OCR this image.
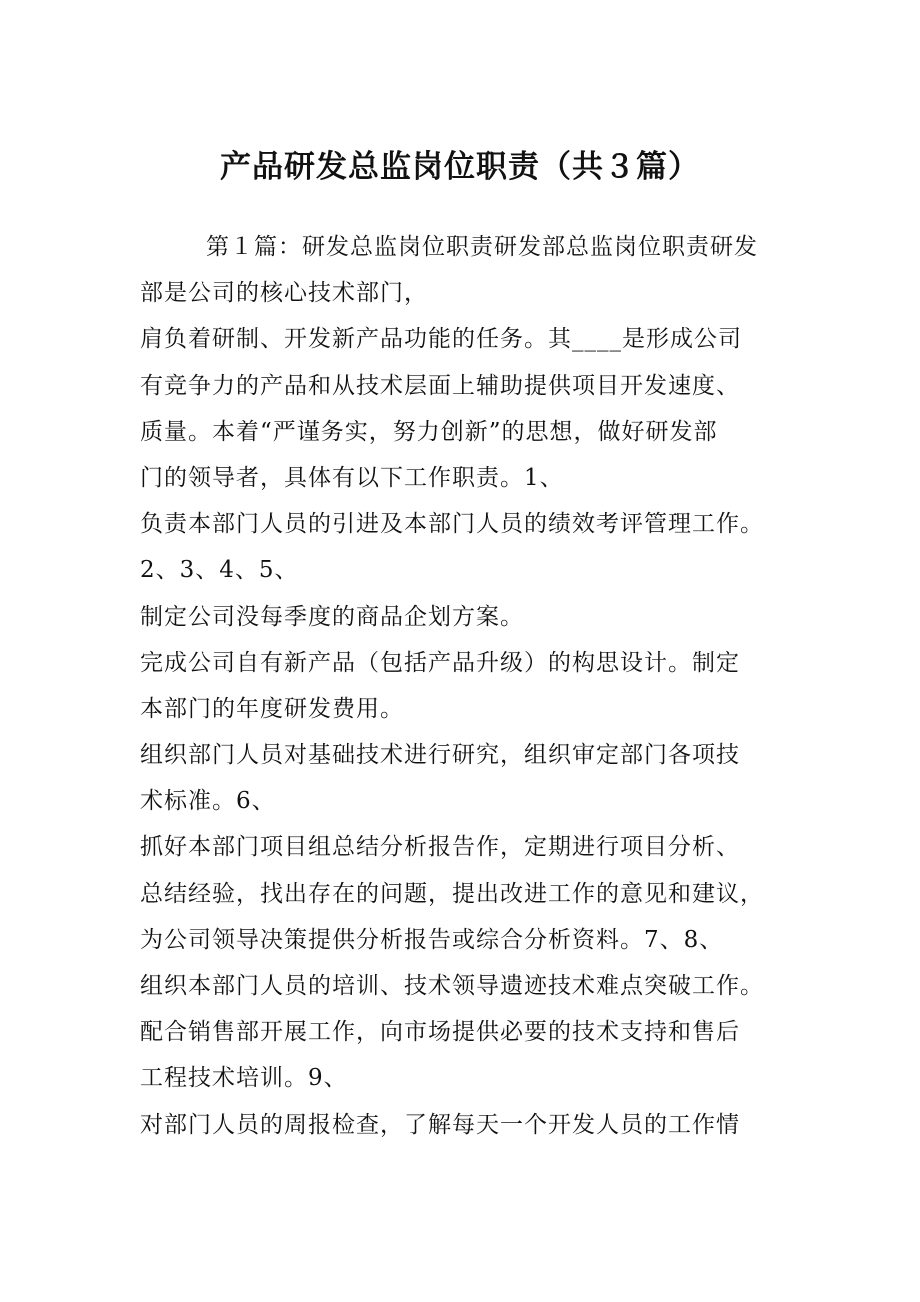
产品研发总监岗位职责（共３篇）
第１篇：研发总监岗位职责研发部总监岗位职责研发
部是公司的核心技术部门，
肩负着研制、开发新产品功能的任务。其____是形成公司
有竞争力的产品和从技术层面上辅助提供项目开发速度、
质量。本着“严谨务实，努力创新”的思想，做好研发部
门的领导者，具体有以下工作职责。1、
负责本部门人员的引进及本部门人员的绩效考评管理工作。
2、3、4、5、
制定公司没每季度的商品企划方案。
完成公司自有新产品（包括产品升级）的构思设计。制定
本部门的年度研发费用。
组织部门人员对基础技术进行研究，组织审定部门各项技
术标准。6、
抓好本部门项目组总结分析报告作，定期进行项目分析、
总结经验，找出存在的问题，提出改进工作的意见和建议，
为公司领导决策提供分析报告或综合分析资料。7、8、
组织本部门人员的培训、技术领导遗迹技术难点突破工作。
配合销售部开展工作，向市场提供必要的技术支持和售后
工程技术培训。9、
对部门人员的周报检查，了解每天一个开发人员的工作情
